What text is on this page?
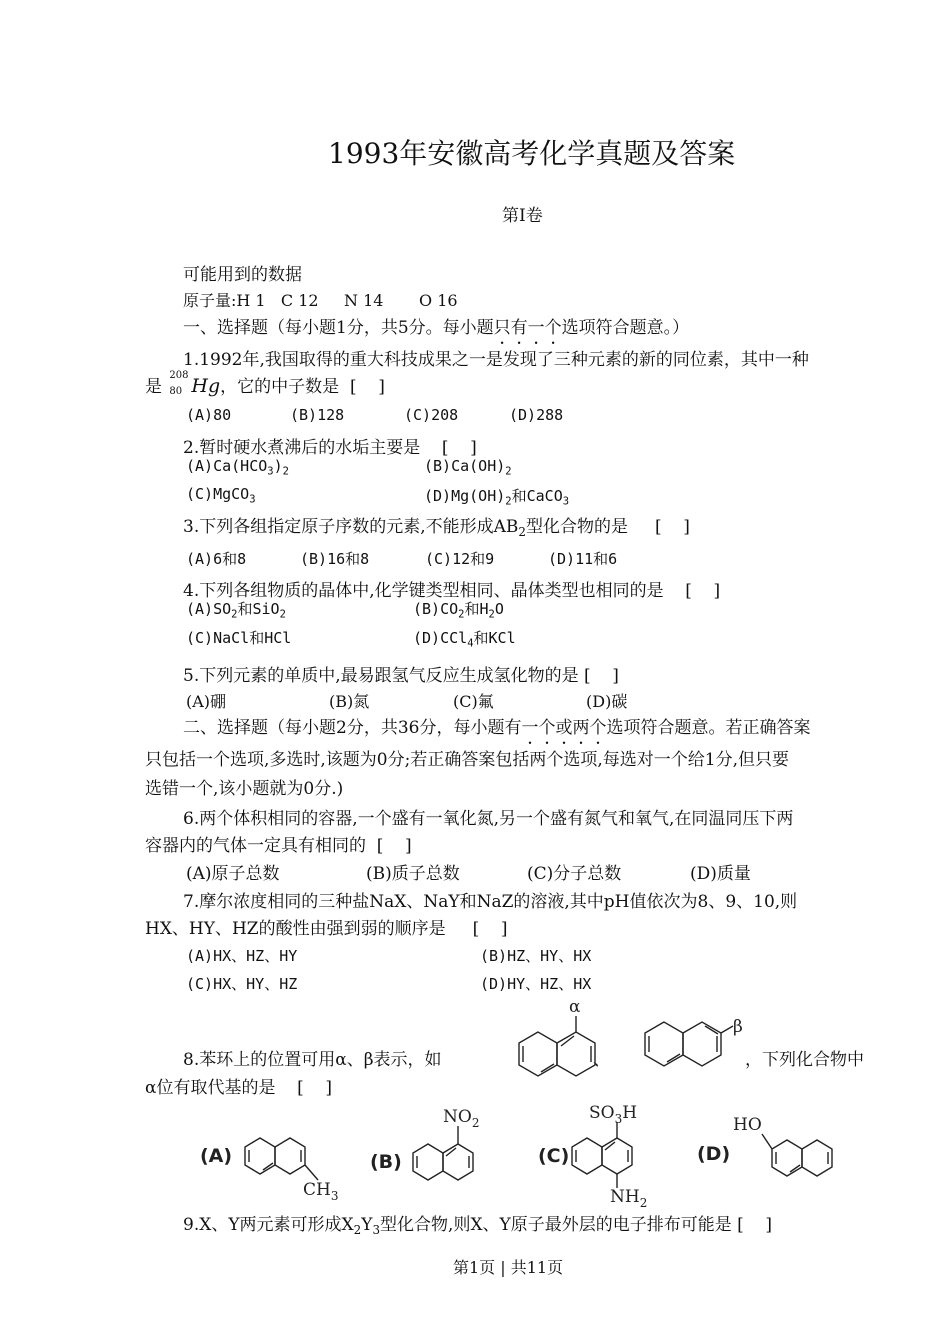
1993年安徽高考化学真题及答案
第Ⅰ卷
可能用到的数据
原子量:H 1   C 12     N 14       O 16
一、选择题（每小题1分，共5分。每小题只有一个选项符合题意。）
1.1992年,我国取得的重大科技成果之一是发现了三种元素的新的同位素，其中一种
是
208
80 Hg，它的中子数是  [    ]
(A)80	(B)128	(C)208	(D)288
2.暂时硬水煮沸后的水垢主要是    [    ]
$(A)Ca(HCO_3)_2$	$(B)Ca(OH)_2$
(C)MgCO$_3$	$(D)Mg(OH)_2$和CaCO$_3$
3.下列各组指定原子序数的元素,不能形成$AB_2$型化合物的是     [    ]
(A)6和8	(B)16和8	(C)12和9	(D)11和6
4.下列各组物质的晶体中,化学键类型相同、晶体类型也相同的是    [    ]
$(A)SO_2$和SiO$_2$	$(B)CO_2$和$H_2O$
(C)NaCl和HCl	(D)CCl$_4$和KCl
5.下列元素的单质中,最易跟氢气反应生成氢化物的是 [    ]
(A)硼	(B)氮	(C)氟	(D)碳
二、选择题（每小题2分，共36分，每小题有一个或两个选项符合题意。若正确答案
只包括一个选项,多选时,该题为0分;若正确答案包括两个选项,每选对一个给1分,但只要
选错一个,该小题就为0分.)
6.两个体积相同的容器,一个盛有一氧化氮,另一个盛有氮气和氧气,在同温同压下两
容器内的气体一定具有相同的  [    ]
(A)原子总数	(B)质子总数	(C)分子总数	(D)质量
7.摩尔浓度相同的三种盐NaX、NaY和NaZ的溶液,其中pH值依次为8、9、10,则
HX、HY、HZ的酸性由强到弱的顺序是     [    ]
(A)HX、HZ、HY	(B)HZ、HY、HX
(C)HX、HY、HZ	(D)HY、HZ、HX
8.苯环上的位置可用α、β表示，如	、	，下列化合物中
α位有取代基的是    [    ]
α
β
(A)
$CH_3$
(B)
$NO_2$
(C)
$SO_3H$
$NH_2$
(D)
HO
9.X、Y两元素可形成$X_2Y_3$型化合物,则X、Y原子最外层的电子排布可能是 [    ]
第1页 | 共11页
